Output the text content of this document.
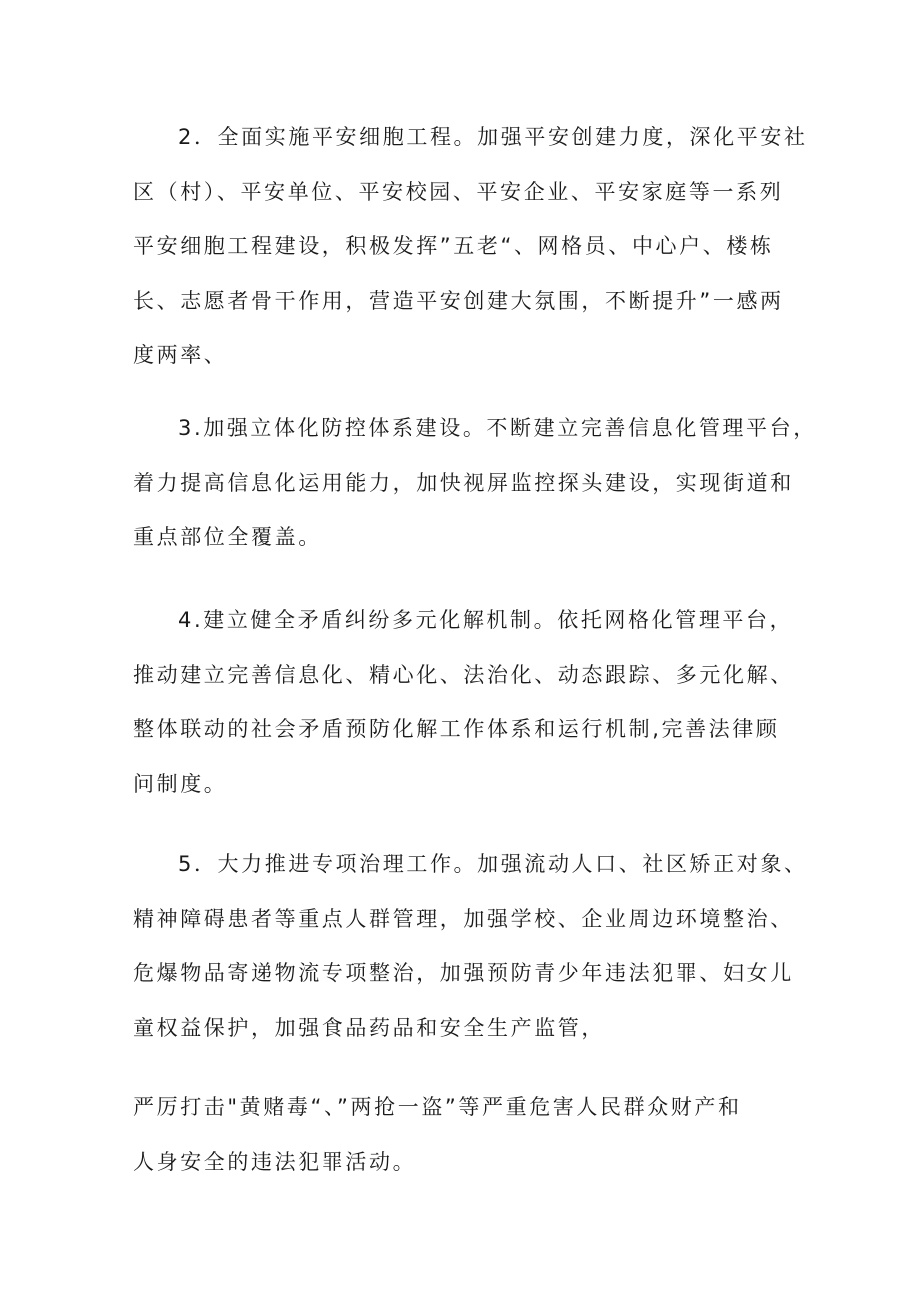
2．全面实施平安细胞工程。加强平安创建力度，深化平安社
区（村）、平安单位、平安校园、平安企业、平安家庭等一系列
平安细胞工程建设，积极发挥”五老“、网格员、中心户、楼栋
长、志愿者骨干作用，营造平安创建大氛围，不断提升”一感两
度两率、
3.加强立体化防控体系建设。不断建立完善信息化管理平台，
着力提高信息化运用能力，加快视屏监控探头建设，实现街道和
重点部位全覆盖。
4.建立健全矛盾纠纷多元化解机制。依托网格化管理平台，
推动建立完善信息化、精心化、法治化、动态跟踪、多元化解、
整体联动的社会矛盾预防化解工作体系和运行机制,完善法律顾
问制度。
5．大力推进专项治理工作。加强流动人口、社区矫正对象、
精神障碍患者等重点人群管理，加强学校、企业周边环境整治、
危爆物品寄递物流专项整治，加强预防青少年违法犯罪、妇女儿
童权益保护，加强食品药品和安全生产监管，
严厉打击"黄赌毒“、”两抢一盗”等严重危害人民群众财产和
人身安全的违法犯罪活动。
